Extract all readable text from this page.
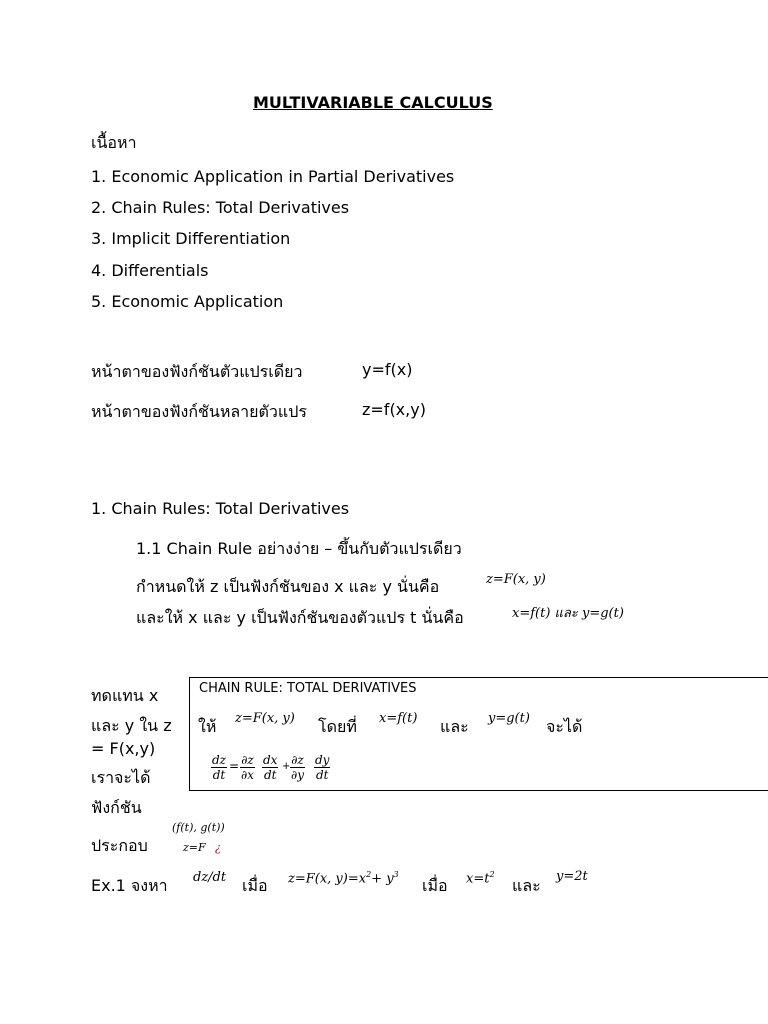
MULTIVARIABLE CALCULUS
เนื้อหา
1. Economic Application in Partial Derivatives
2. Chain Rules: Total Derivatives
3. Implicit Differentiation
4. Differentials
5. Economic Application
หน้าตาของฟังก์ชันตัวแปรเดียว	y=f(x)
หน้าตาของฟังก์ชันหลายตัวแปร	z=f(x,y)
1. Chain Rules: Total Derivatives
1.1 Chain Rule อย่างง่าย – ขึ้นกับตัวแปรเดียว
กำหนดให้ z เป็นฟังก์ชันของ x และ y นั่นคือ	z=F(x, y)
และให้ x และ y เป็นฟังก์ชันของตัวแปร t นั่นคือ	x=f(t) และ y=g(t)
ทดแทน x
และ y ใน z
= F(x,y)
เราจะได้
ฟังก์ชัน
ประกอบ
(f(t), g(t))
z=F ¿
CHAIN RULE: TOTAL DERIVATIVES
ให้ z=F(x, y) โดยที่ x=f(t) และ y=g(t) จะได้
$\frac{dz}{dt} = \frac{\partial z}{\partial x} \frac{dx}{dt} + \frac{\partial z}{\partial y} \frac{dy}{dt}$
Ex.1 จงหา dz/dt เมื่อ z=F(x, $y)=x^2+ y^3$
เมื่อ $x=t^2$
และ y=2t
